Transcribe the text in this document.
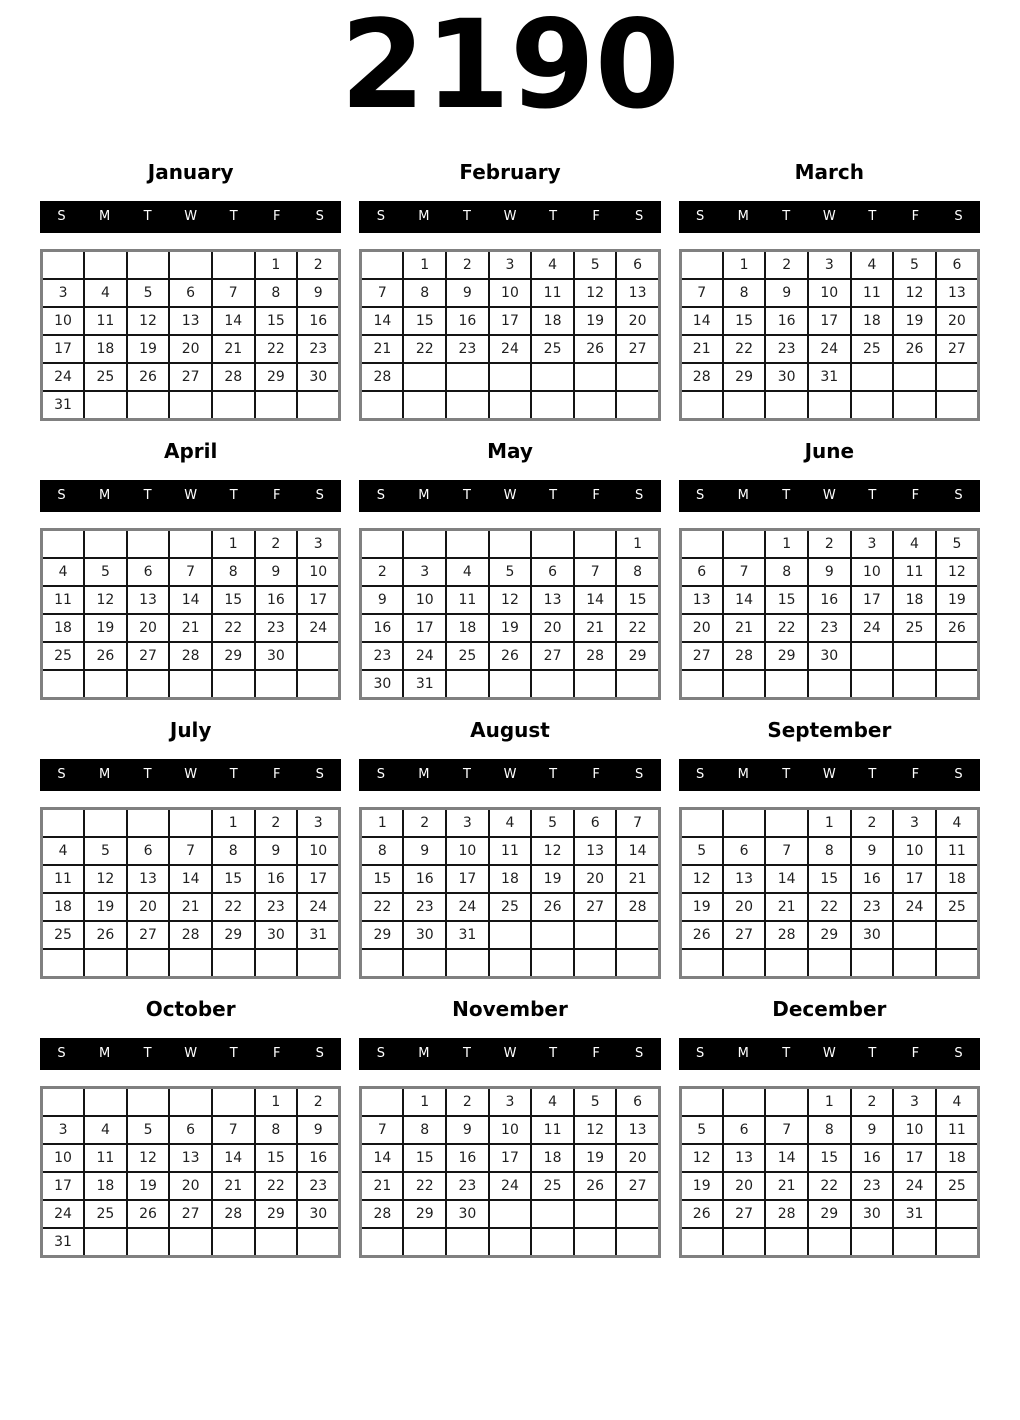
2190
January
S	M	T	W	T	F	S
					1	2
3	4	5	6	7	8	9
10	11	12	13	14	15	16
17	18	19	20	21	22	23
24	25	26	27	28	29	30
31						
February
S	M	T	W	T	F	S
	1	2	3	4	5	6
7	8	9	10	11	12	13
14	15	16	17	18	19	20
21	22	23	24	25	26	27
28						

March
S	M	T	W	T	F	S
	1	2	3	4	5	6
7	8	9	10	11	12	13
14	15	16	17	18	19	20
21	22	23	24	25	26	27
28	29	30	31			

April
S	M	T	W	T	F	S
				1	2	3
4	5	6	7	8	9	10
11	12	13	14	15	16	17
18	19	20	21	22	23	24
25	26	27	28	29	30	

May
S	M	T	W	T	F	S
						1
2	3	4	5	6	7	8
9	10	11	12	13	14	15
16	17	18	19	20	21	22
23	24	25	26	27	28	29
30	31					
June
S	M	T	W	T	F	S
		1	2	3	4	5
6	7	8	9	10	11	12
13	14	15	16	17	18	19
20	21	22	23	24	25	26
27	28	29	30			

July
S	M	T	W	T	F	S
				1	2	3
4	5	6	7	8	9	10
11	12	13	14	15	16	17
18	19	20	21	22	23	24
25	26	27	28	29	30	31

August
S	M	T	W	T	F	S
1	2	3	4	5	6	7
8	9	10	11	12	13	14
15	16	17	18	19	20	21
22	23	24	25	26	27	28
29	30	31				

September
S	M	T	W	T	F	S
			1	2	3	4
5	6	7	8	9	10	11
12	13	14	15	16	17	18
19	20	21	22	23	24	25
26	27	28	29	30		

October
S	M	T	W	T	F	S
					1	2
3	4	5	6	7	8	9
10	11	12	13	14	15	16
17	18	19	20	21	22	23
24	25	26	27	28	29	30
31						
November
S	M	T	W	T	F	S
	1	2	3	4	5	6
7	8	9	10	11	12	13
14	15	16	17	18	19	20
21	22	23	24	25	26	27
28	29	30				

December
S	M	T	W	T	F	S
			1	2	3	4
5	6	7	8	9	10	11
12	13	14	15	16	17	18
19	20	21	22	23	24	25
26	27	28	29	30	31	
